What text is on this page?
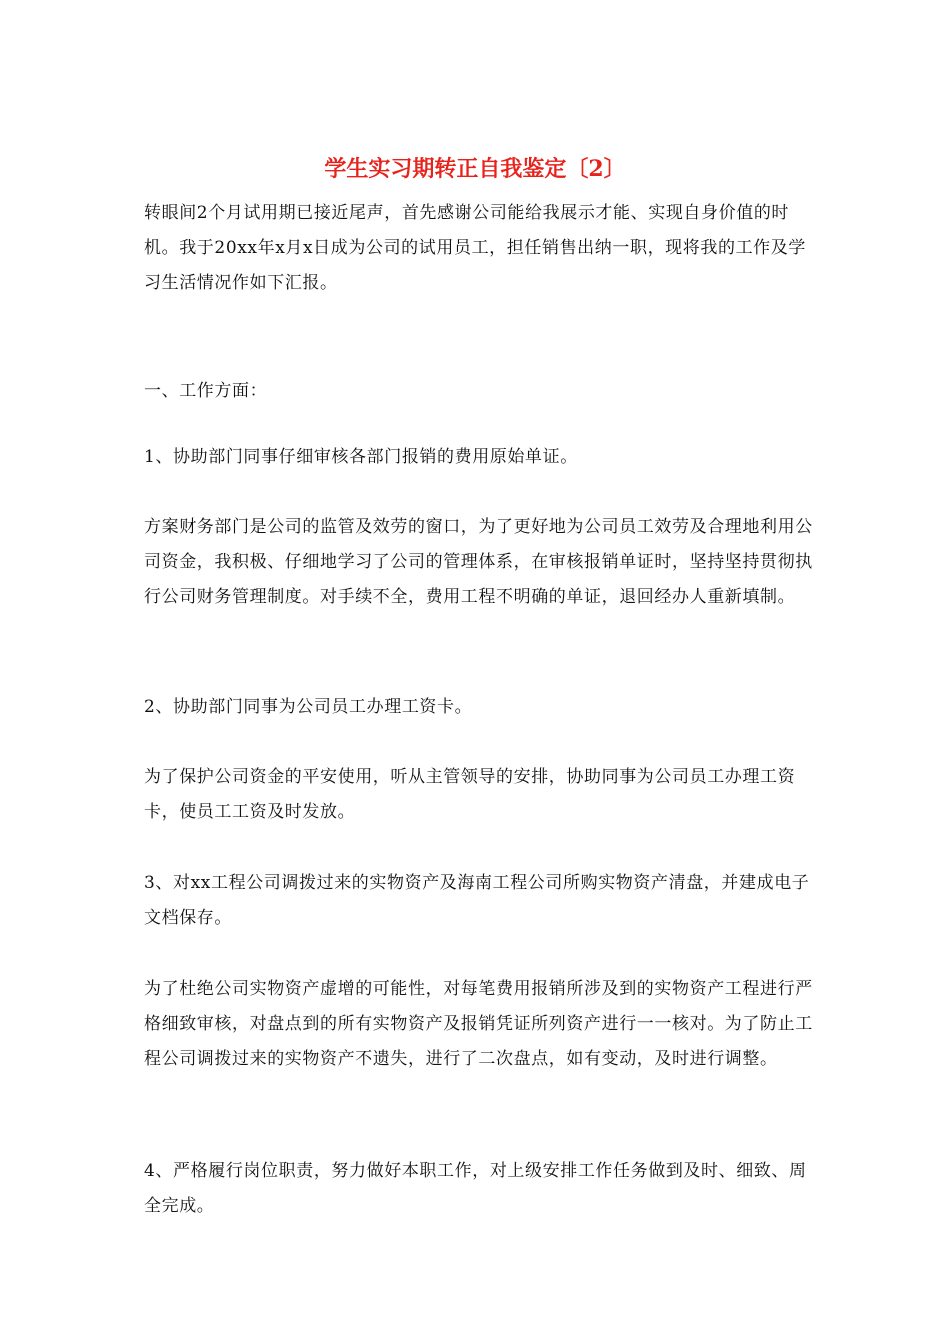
学生实习期转正自我鉴定〔2〕

转眼间2个月试用期已接近尾声，首先感谢公司能给我展示才能、实现自身价值的时机。我于20xx年x月x日成为公司的试用员工，担任销售出纳一职，现将我的工作及学习生活情况作如下汇报。

一、工作方面：

1、协助部门同事仔细审核各部门报销的费用原始单证。

方案财务部门是公司的监管及效劳的窗口，为了更好地为公司员工效劳及合理地利用公司资金，我积极、仔细地学习了公司的管理体系，在审核报销单证时，坚持坚持贯彻执行公司财务管理制度。对手续不全，费用工程不明确的单证，退回经办人重新填制。

2、协助部门同事为公司员工办理工资卡。

为了保护公司资金的平安使用，听从主管领导的安排，协助同事为公司员工办理工资卡，使员工工资及时发放。

3、对xx工程公司调拨过来的实物资产及海南工程公司所购实物资产清盘，并建成电子文档保存。

为了杜绝公司实物资产虚增的可能性，对每笔费用报销所涉及到的实物资产工程进行严格细致审核，对盘点到的所有实物资产及报销凭证所列资产进行一一核对。为了防止工程公司调拨过来的实物资产不遗失，进行了二次盘点，如有变动，及时进行调整。

4、严格履行岗位职责，努力做好本职工作，对上级安排工作任务做到及时、细致、周全完成。
